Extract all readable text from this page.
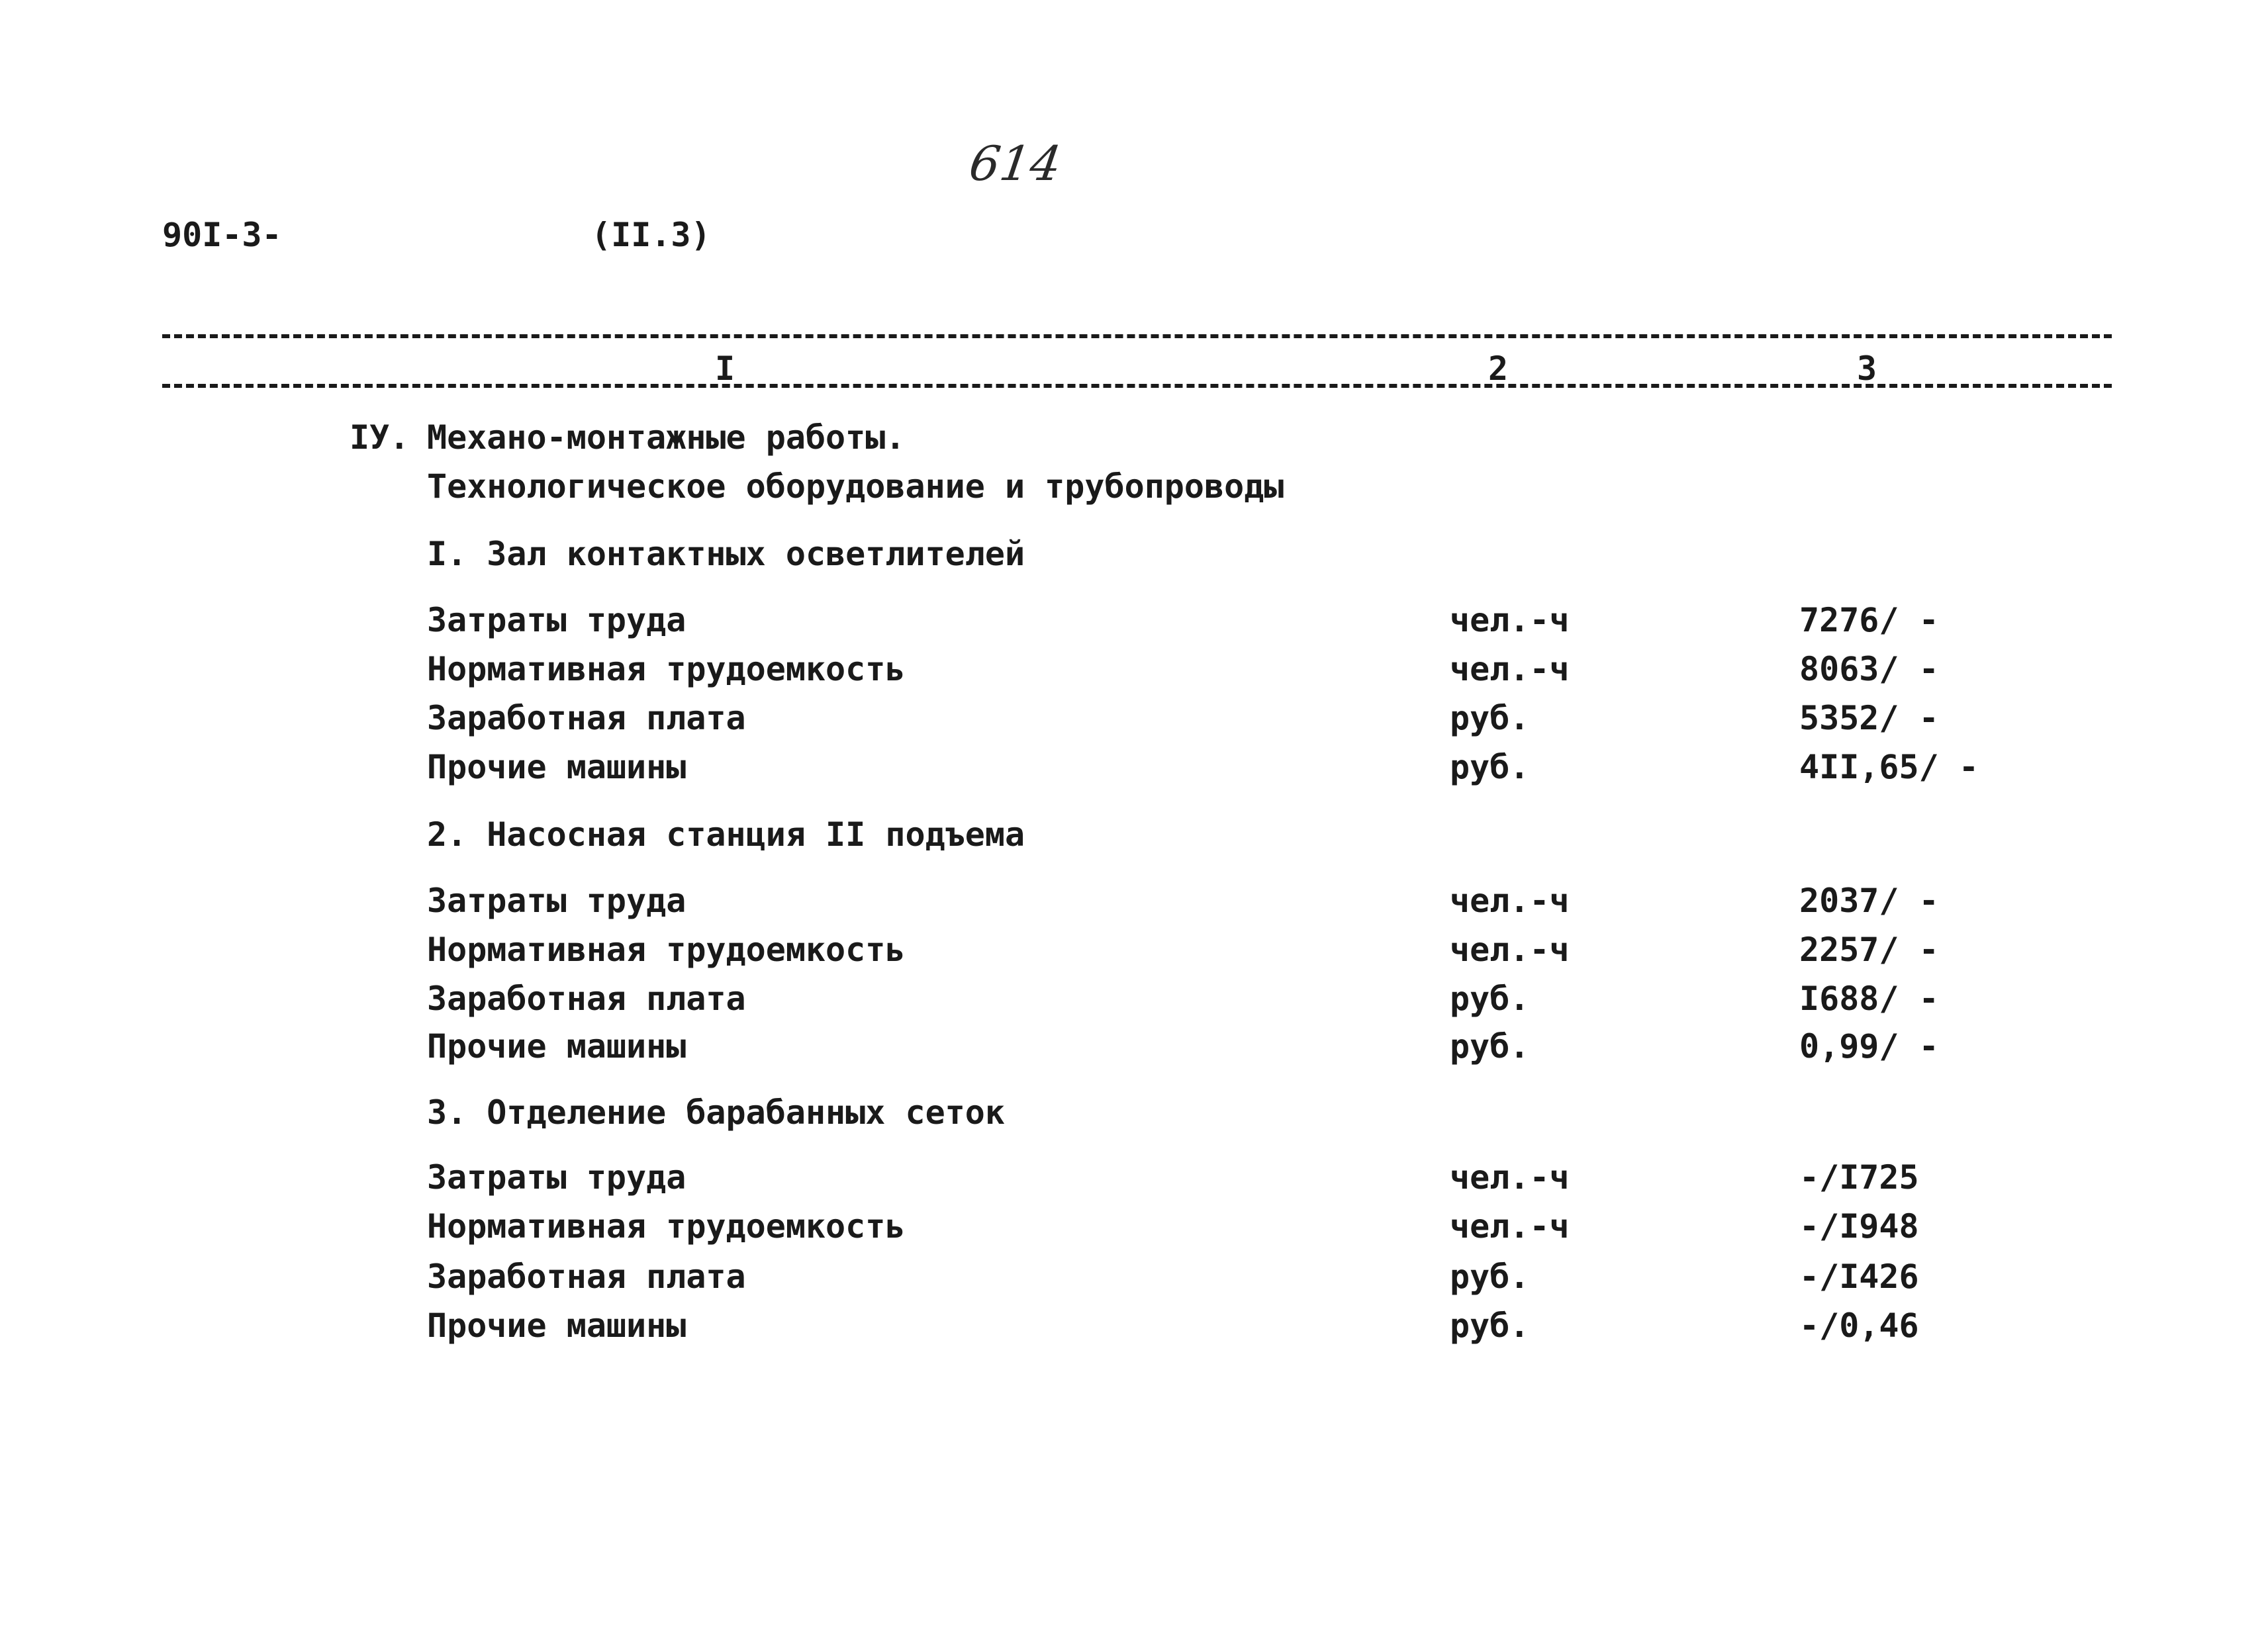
614
90I-3-	(II.3)
I	2	3
IУ. Механо-монтажные работы.
Технологическое оборудование и трубопроводы
I. Зал контактных осветлителей
Затраты труда	чел.-ч	7276/ -
Нормативная трудоемкость	чел.-ч	8063/ -
Заработная плата	руб.	5352/ -
Прочие машины	руб.	4II,65/ -
2. Насосная станция II подъема
Затраты труда	чел.-ч	2037/ -
Нормативная трудоемкость	чел.-ч	2257/ -
Заработная плата	руб.	I688/ -
Прочие машины	руб.	0,99/ -
3. Отделение барабанных сеток
Затраты труда	чел.-ч	-/I725
Нормативная трудоемкость	чел.-ч	-/I948
Заработная плата	руб.	-/I426
Прочие машины	руб.	-/0,46
